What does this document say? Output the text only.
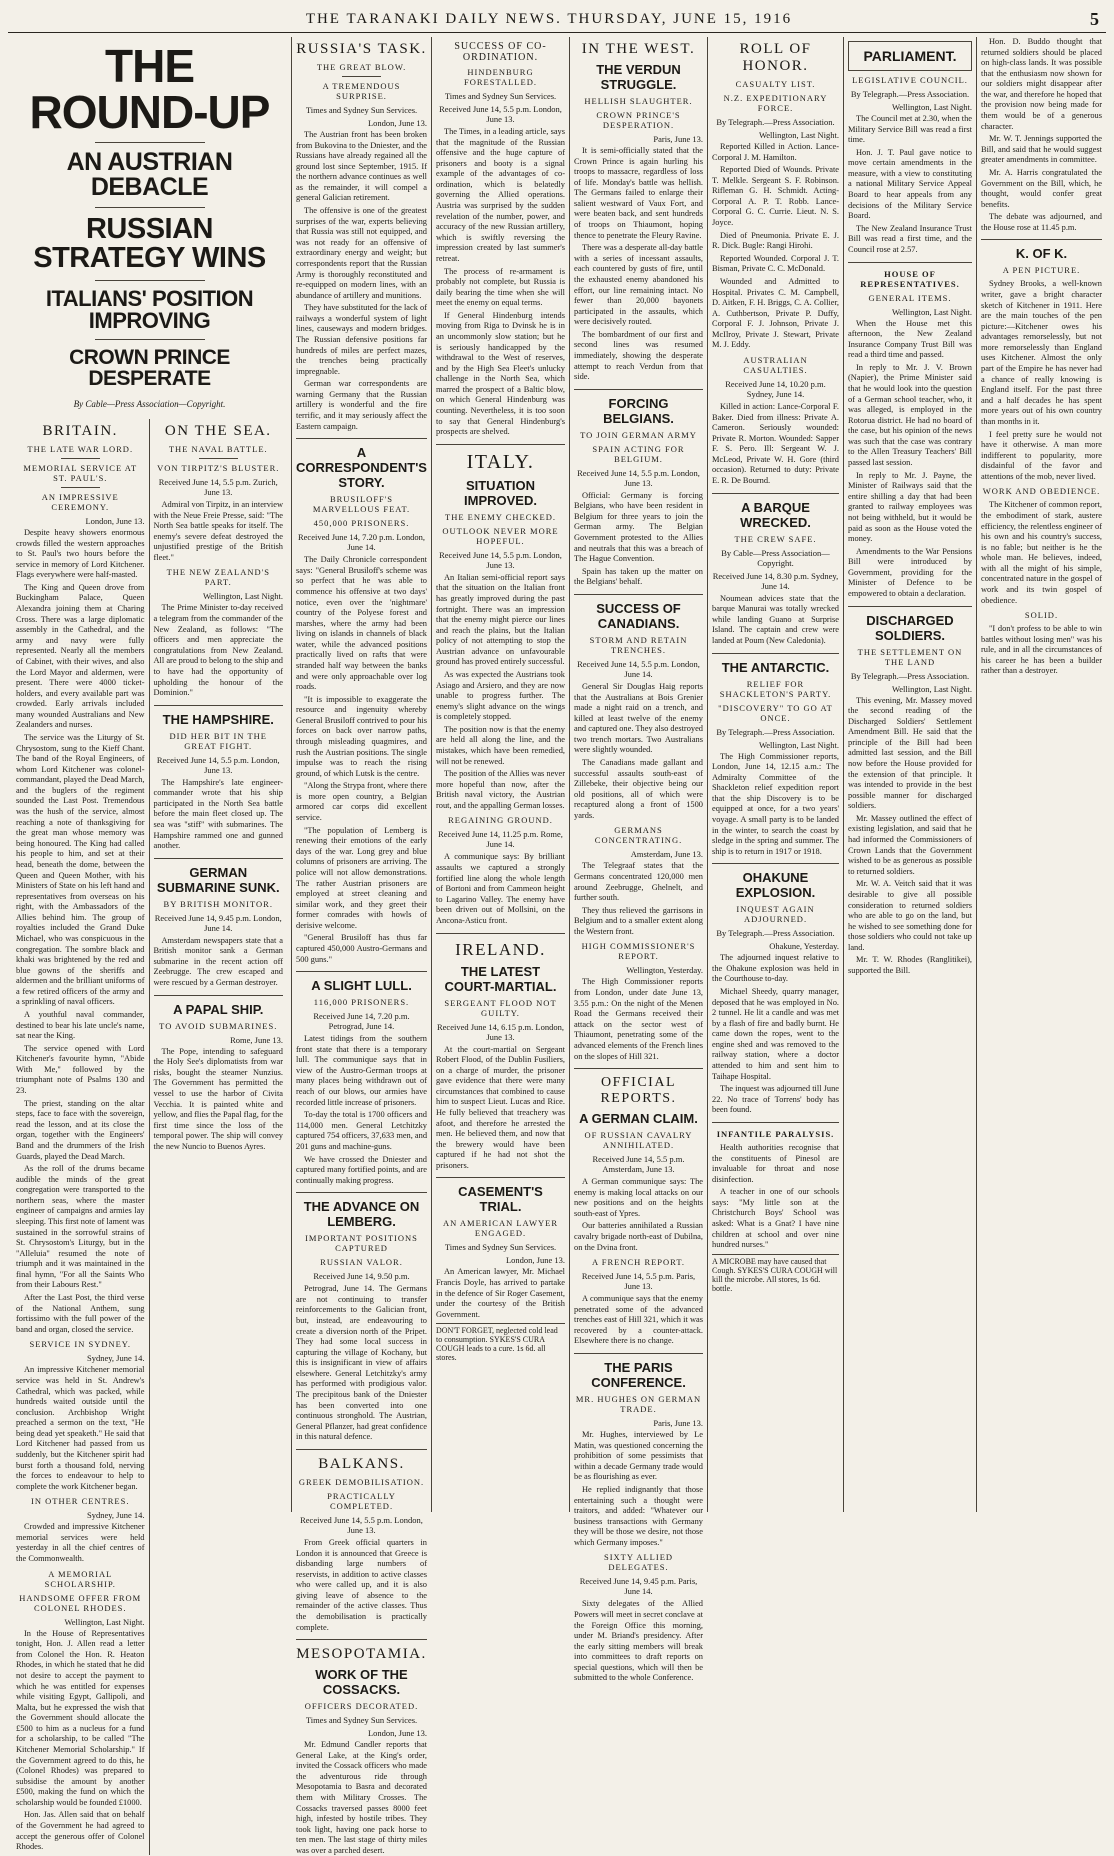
THE TARANAKI DAILY NEWS. THURSDAY, JUNE 15, 1916	5
THE ROUND-UP
AN AUSTRIAN DEBACLE
RUSSIAN STRATEGY WINS
ITALIANS' POSITION IMPROVING
CROWN PRINCE DESPERATE
By Cable—Press Association—Copyright.
BRITAIN.
THE LATE WAR LORD.
MEMORIAL SERVICE AT ST. PAUL'S.
AN IMPRESSIVE CEREMONY.
London, June 13.

Despite heavy showers enormous crowds filled the western approaches to St. Paul's two hours before the service in memory of Lord Kitchener. Flags everywhere were half-masted.

The King and Queen drove from Buckingham Palace, Queen Alexandra joining them at Charing Cross. There was a large diplomatic assembly in the Cathedral, and the army and navy were fully represented. Nearly all the members of Cabinet, with their wives, and also the Lord Mayor and aldermen, were present. There were 4000 ticket-holders, and every available part was crowded. Early arrivals included many wounded Australians and New Zealanders and nurses.

The service was the Liturgy of St. Chrysostom, sung to the Kieff Chant. The band of the Royal Engineers, of whom Lord Kitchener was colonel-commandant, played the Dead March, and the buglers of the regiment sounded the Last Post. Tremendous was the hush of the service, almost reaching a note of thanksgiving for the great man whose memory was being honoured. The King had called his people to him, and set at their head, beneath the dome, between the Queen and Queen Mother, with his Ministers of State on his left hand and representatives from overseas on his right, with the Ambassadors of the Allies behind him. The group of royalties included the Grand Duke Michael, who was conspicuous in the congregation. The sombre black and khaki was brightened by the red and blue gowns of the sheriffs and aldermen and the brilliant uniforms of a few retired officers of the army and a sprinkling of naval officers.

A youthful naval commander, destined to bear his late uncle's name, sat near the King.

The service opened with Lord Kitchener's favourite hymn, "Abide With Me," followed by the triumphant note of Psalms 130 and 23.

The priest, standing on the altar steps, face to face with the sovereign, read the lesson, and at its close the organ, together with the Engineers' Band and the drummers of the Irish Guards, played the Dead March.

As the roll of the drums became audible the minds of the great congregation were transported to the northern seas, where the master engineer of campaigns and armies lay sleeping. This first note of lament was sustained in the sorrowful strains of St. Chrysostom's Liturgy, but in the "Alleluia" resumed the note of triumph and it was maintained in the final hymn, "For all the Saints Who from their Labours Rest."

After the Last Post, the third verse of the National Anthem, sung fortissimo with the full power of the band and organ, closed the service.

SERVICE IN SYDNEY.
Sydney, June 14.

An impressive Kitchener memorial service was held in St. Andrew's Cathedral, which was packed, while hundreds waited outside until the conclusion. Archbishop Wright preached a sermon on the text, "He being dead yet speaketh." He said that Lord Kitchener had passed from us suddenly, but the Kitchener spirit had burst forth a thousand fold, nerving the forces to endeavour to help to complete the work Kitchener began.

IN OTHER CENTRES.
Sydney, June 14.

Crowded and impressive Kitchener memorial services were held yesterday in all the chief centres of the Commonwealth.

A MEMORIAL SCHOLARSHIP.
HANDSOME OFFER FROM COLONEL RHODES.
Wellington, Last Night.

In the House of Representatives tonight, Hon. J. Allen read a letter from Colonel the Hon. R. Heaton Rhodes, in which he stated that he did not desire to accept the payment to which he was entitled for expenses while visiting Egypt, Gallipoli, and Malta, but he expressed the wish that the Government should allocate the £500 to him as a nucleus for a fund for a scholarship, to be called "The Kitchener Memorial Scholarship." If the Government agreed to do this, he (Colonel Rhodes) was prepared to subsidise the amount by another £500, making the fund on which the scholarship would be founded £1000.

Hon. Jas. Allen said that on behalf of the Government he had agreed to accept the generous offer of Colonel Rhodes.

ON THE SEA.
THE NAVAL BATTLE.
VON TIRPITZ'S BLUSTER.
Received June 14, 5.5 p.m. Zurich, June 13.

Admiral von Tirpitz, in an interview with the Neue Freie Presse, said: "The North Sea battle speaks for itself. The enemy's severe defeat destroyed the unjustified prestige of the British fleet."

THE NEW ZEALAND'S PART.
Wellington, Last Night.

The Prime Minister to-day received a telegram from the commander of the New Zealand, as follows: "The officers and men appreciate the congratulations from New Zealand. All are proud to belong to the ship and to have had the opportunity of upholding the honour of the Dominion."

THE HAMPSHIRE.
DID HER BIT IN THE GREAT FIGHT.
Received June 14, 5.5 p.m. London, June 13.

The Hampshire's late engineer-commander wrote that his ship participated in the North Sea battle before the main fleet closed up. The sea was "stiff" with submarines. The Hampshire rammed one and gunned another.

GERMAN SUBMARINE SUNK.
BY BRITISH MONITOR.
Received June 14, 9.45 p.m. London, June 14.

Amsterdam newspapers state that a British monitor sank a German submarine in the recent action off Zeebrugge. The crew escaped and were rescued by a German destroyer.

A PAPAL SHIP.
TO AVOID SUBMARINES.
Rome, June 13.

The Pope, intending to safeguard the Holy See's diplomatists from war risks, bought the steamer Nunzius. The Government has permitted the vessel to use the harbor of Civita Vecchia. It is painted white and yellow, and flies the Papal flag, for the first time since the loss of the temporal power. The ship will convey the new Nuncio to Buenos Ayres.

RUSSIA'S TASK.
THE GREAT BLOW.
A TREMENDOUS SURPRISE.
Times and Sydney Sun Services.
London, June 13.

The Austrian front has been broken from Bukovina to the Dniester, and the Russians have already regained all the ground lost since September, 1915. If the northern advance continues as well as the remainder, it will compel a general Galician retirement.

The offensive is one of the greatest surprises of the war, experts believing that Russia was still not equipped, and was not ready for an offensive of extraordinary energy and weight; but correspondents report that the Russian Army is thoroughly reconstituted and re-equipped on modern lines, with an abundance of artillery and munitions.

They have substituted for the lack of railways a wonderful system of light lines, causeways and modern bridges. The Russian defensive positions far hundreds of miles are perfect mazes, the trenches being practically impregnable.

German war correspondents are warning Germany that the Russian artillery is wonderful and the fire terrific, and it may seriously affect the Eastern campaign.

A CORRESPONDENT'S STORY.
BRUSILOFF'S MARVELLOUS FEAT.
450,000 PRISONERS.
Received June 14, 7.20 p.m. London, June 14.

The Daily Chronicle correspondent says: "General Brusiloff's scheme was so perfect that he was able to commence his offensive at two days' notice, even over the 'nightmare' country of the Polyese forest and marshes, where the army had been living on islands in channels of black water, while the advanced positions practically lived on rafts that were stranded half way between the banks and were only approachable over log roads.

"It is impossible to exaggerate the resource and ingenuity whereby General Brusiloff contrived to pour his forces on back over narrow paths, through misleading quagmires, and rush the Austrian positions. The single impulse was to reach the rising ground, of which Lutsk is the centre.

"Along the Strypa front, where there is more open country, a Belgian armored car corps did excellent service.

"The population of Lemberg is renewing their emotions of the early days of the war. Long grey and blue columns of prisoners are arriving. The police will not allow demonstrations. The rather Austrian prisoners are employed at street cleaning and similar work, and they greet their former comrades with howls of derisive welcome.

"General Brusiloff has thus far captured 450,000 Austro-Germans and 500 guns."

A SLIGHT LULL.
116,000 PRISONERS.
Received June 14, 7.20 p.m. Petrograd, June 14.

Latest tidings from the southern front state that there is a temporary lull. The communique says that in view of the Austro-German troops at many places being withdrawn out of reach of our blows, our armies have recorded little increase of prisoners.

To-day the total is 1700 officers and 114,000 men. General Letchitzky captured 754 officers, 37,633 men, and 201 guns and machine-guns.

We have crossed the Dniester and captured many fortified points, and are continually making progress.

THE ADVANCE ON LEMBERG.
IMPORTANT POSITIONS CAPTURED
RUSSIAN VALOR.
Received June 14, 9.50 p.m.

Petrograd, June 14. The Germans are not continuing to transfer reinforcements to the Galician front, but, instead, are endeavouring to create a diversion north of the Pripet. They had some local success in capturing the village of Kochany, but this is insignificant in view of affairs elsewhere. General Letchitzky's army has performed with prodigious valor. The precipitous bank of the Dniester has been converted into one continuous stronghold. The Austrian, General Pflanzer, had great confidence in this natural defence.

BALKANS.
GREEK DEMOBILISATION.
PRACTICALLY COMPLETED.
Received June 14, 5.5 p.m. London, June 13.

From Greek official quarters in London it is announced that Greece is disbanding large numbers of reservists, in addition to active classes who were called up, and it is also giving leave of absence to the remainder of the active classes. Thus the demobilisation is practically complete.

MESOPOTAMIA.
WORK OF THE COSSACKS.
OFFICERS DECORATED.
Times and Sydney Sun Services.
London, June 13.

Mr. Edmund Candler reports that General Lake, at the King's order, invited the Cossack officers who made the adventurous ride through Mesopotamia to Basra and decorated them with Military Crosses. The Cossacks traversed passes 8000 feet high, infested by hostile tribes. They took light, having one pack horse to ten men. The last stage of thirty miles was over a parched desert.

SUCCESS OF CO-ORDINATION.
HINDENBURG FORESTALLED.
Times and Sydney Sun Services.
Received June 14, 5.5 p.m. London, June 13.

The Times, in a leading article, says that the magnitude of the Russian offensive and the huge capture of prisoners and booty is a signal example of the advantages of co-ordination, which is belatedly governing the Allied operations. Austria was surprised by the sudden revelation of the number, power, and accuracy of the new Russian artillery, which is swiftly reversing the impression created by last summer's retreat.

The process of re-armament is probably not complete, but Russia is daily bearing the time when she will meet the enemy on equal terms.

If General Hindenburg intends moving from Riga to Dvinsk he is in an uncommonly slow station; but he is seriously handicapped by the withdrawal to the West of reserves, and by the High Sea Fleet's unlucky challenge in the North Sea, which marred the prospect of a Baltic blow, on which General Hindenburg was counting. Nevertheless, it is too soon to say that General Hindenburg's prospects are shelved.

ITALY.
SITUATION IMPROVED.
THE ENEMY CHECKED.
OUTLOOK NEVER MORE HOPEFUL.
Received June 14, 5.5 p.m. London, June 13.

An Italian semi-official report says that the situation on the Italian front has greatly improved during the past fortnight. There was an impression that the enemy might pierce our lines and reach the plains, but the Italian policy of not attempting to stop the Austrian advance on unfavourable ground has proved entirely successful.

As was expected the Austrians took Asiago and Arsiero, and they are now unable to progress further. The enemy's slight advance on the wings is completely stopped.

The position now is that the enemy are held all along the line, and the mistakes, which have been remedied, will not be renewed.

The position of the Allies was never more hopeful than now, after the British naval victory, the Austrian rout, and the appalling German losses.

REGAINING GROUND.
Received June 14, 11.25 p.m. Rome, June 14.

A communique says: By brilliant assaults we captured a strongly fortified line along the whole length of Bortoni and from Cammeon height to Lagarino Valley. The enemy have been driven out of Mollsini, on the Ancona-Asticu front.

IRELAND.
THE LATEST COURT-MARTIAL.
SERGEANT FLOOD NOT GUILTY.
Received June 14, 6.15 p.m. London, June 13.

At the court-martial on Sergeant Robert Flood, of the Dublin Fusiliers, on a charge of murder, the prisoner gave evidence that there were many circumstances that combined to cause him to suspect Lieut. Lucas and Rice. He fully believed that treachery was afoot, and therefore he arrested the men. He believed them, and now that the brewery would have been captured if he had not shot the prisoners.

CASEMENT'S TRIAL.
AN AMERICAN LAWYER ENGAGED.
Times and Sydney Sun Services.
London, June 13.

An American lawyer, Mr. Michael Francis Doyle, has arrived to partake in the defence of Sir Roger Casement, under the courtesy of the British Government.

DON'T FORGET, neglected cold lead to consumption. SYKES'S CURA COUGH leads to a cure. 1s 6d. all stores.

IN THE WEST.
THE VERDUN STRUGGLE.
HELLISH SLAUGHTER.
CROWN PRINCE'S DESPERATION.
Paris, June 13.

It is semi-officially stated that the Crown Prince is again hurling his troops to massacre, regardless of loss of life. Monday's battle was hellish. The Germans failed to enlarge their salient westward of Vaux Fort, and were beaten back, and sent hundreds of troops on Thiaumont, hoping thence to penetrate the Fleury Ravine.

There was a desperate all-day battle with a series of incessant assaults, each countered by gusts of fire, until the exhausted enemy abandoned his effort, our line remaining intact. No fewer than 20,000 bayonets participated in the assaults, which were decisively routed.

The bombardment of our first and second lines was resumed immediately, showing the desperate attempt to reach Verdun from that side.

FORCING BELGIANS.
TO JOIN GERMAN ARMY
SPAIN ACTING FOR BELGIUM.
Received June 14, 5.5 p.m. London, June 13.

Official: Germany is forcing Belgians, who have been resident in Belgium for three years to join the German army. The Belgian Government protested to the Allies and neutrals that this was a breach of The Hague Convention.

Spain has taken up the matter on the Belgians' behalf.

SUCCESS OF CANADIANS.
STORM AND RETAIN TRENCHES.
Received June 14, 5.5 p.m. London, June 14.

General Sir Douglas Haig reports that the Australians at Bois Grenier made a night raid on a trench, and killed at least twelve of the enemy and captured one. They also destroyed two trench mortars. Two Australians were slightly wounded.

The Canadians made gallant and successful assaults south-east of Zillebeke, their objective being our old positions, all of which were recaptured along a front of 1500 yards.

GERMANS CONCENTRATING.
Amsterdam, June 13.

The Telegraaf states that the Germans concentrated 120,000 men around Zeebrugge, Ghelnelt, and further south.

They thus relieved the garrisons in Belgium and to a smaller extent along the Western front.

HIGH COMMISSIONER'S REPORT.
Wellington, Yesterday.

The High Commissioner reports from London, under date June 13, 3.55 p.m.: On the night of the Menen Road the Germans received their attack on the sector west of Thiaumont, penetrating some of the advanced elements of the French lines on the slopes of Hill 321.

OFFICIAL REPORTS.
A GERMAN CLAIM.
OF RUSSIAN CAVALRY ANNIHILATED.
Received June 14, 5.5 p.m. Amsterdam, June 13.

A German communique says: The enemy is making local attacks on our new positions and on the heights south-east of Ypres.

Our batteries annihilated a Russian cavalry brigade north-east of Dubilna, on the Dvina front.

A FRENCH REPORT.
Received June 14, 5.5 p.m. Paris, June 13.

A communique says that the enemy penetrated some of the advanced trenches east of Hill 321, which it was recovered by a counter-attack. Elsewhere there is no change.

THE PARIS CONFERENCE.
MR. HUGHES ON GERMAN TRADE.
Paris, June 13.

Mr. Hughes, interviewed by Le Matin, was questioned concerning the prohibition of some pessimists that within a decade Germany trade would be as flourishing as ever.

He replied indignantly that those entertaining such a thought were traitors, and added: "Whatever our business transactions with Germany they will be those we desire, not those which Germany imposes."

SIXTY ALLIED DELEGATES.
Received June 14, 9.45 p.m. Paris, June 14.

Sixty delegates of the Allied Powers will meet in secret conclave at the Foreign Office this morning, under M. Briand's presidency. After the early sitting members will break into committees to draft reports on special questions, which will then be submitted to the whole Conference.

ROLL OF HONOR.
CASUALTY LIST.
N.Z. EXPEDITIONARY FORCE.
By Telegraph.—Press Association.
Wellington, Last Night.

Reported Killed in Action. Lance-Corporal J. M. Hamilton.

Reported Died of Wounds. Private T. Melkle. Sergeant S. F. Robinson. Rifleman G. H. Schmidt. Acting-Corporal A. P. T. Robb. Lance-Corporal G. C. Currie. Lieut. N. S. Joyce.

Died of Pneumonia. Private E. J. R. Dick. Bugle: Rangi Hirohi.

Reported Wounded. Corporal J. T. Bisman, Private C. C. McDonald.

Wounded and Admitted to Hospital. Privates C. M. Campbell, D. Aitken, F. H. Briggs, C. A. Collier, A. Cuthbertson, Private P. Duffy, Corporal F. J. Johnson, Private J. McIlroy, Private J. Stewart, Private M. J. Eddy.

AUSTRALIAN CASUALTIES.
Received June 14, 10.20 p.m. Sydney, June 14.

Killed in action: Lance-Corporal F. Baker. Died from illness: Private A. Cameron. Seriously wounded: Private R. Morton. Wounded: Sapper F. S. Pero. Ill: Sergeant W. J. McLeod, Private W. H. Gore (third occasion). Returned to duty: Private E. R. De Bournd.

A BARQUE WRECKED.
THE CREW SAFE.
By Cable—Press Association—Copyright.
Received June 14, 8.30 p.m. Sydney, June 14.

Noumean advices state that the barque Manurai was totally wrecked while landing Guano at Surprise Island. The captain and crew were landed at Poum (New Caledonia).

THE ANTARCTIC.
RELIEF FOR SHACKLETON'S PARTY.
"DISCOVERY" TO GO AT ONCE.
By Telegraph.—Press Association.
Wellington, Last Night.

The High Commissioner reports, London, June 14, 12.15 a.m.: The Admiralty Committee of the Shackleton relief expedition report that the ship Discovery is to be equipped at once, for a two years' voyage. A small party is to be landed in the winter, to search the coast by sledge in the spring and summer. The ship is to return in 1917 or 1918.

OHAKUNE EXPLOSION.
INQUEST AGAIN ADJOURNED.
By Telegraph.—Press Association.
Ohakune, Yesterday.

The adjourned inquest relative to the Ohakune explosion was held in the Courthouse to-day.

Michael Sheedy, quarry manager, deposed that he was employed in No. 2 tunnel. He lit a candle and was met by a flash of fire and badly burnt. He came down the ropes, went to the engine shed and was removed to the railway station, where a doctor attended to him and sent him to Taihape Hospital.

The inquest was adjourned till June 22. No trace of Torrens' body has been found.

INFANTILE PARALYSIS.

Health authorities recognise that the constituents of Pinesol are invaluable for throat and nose disinfection.

A teacher in one of our schools says: "My little son at the Christchurch Boys' School was asked: What is a Gnat? I have nine children at school and over nine hundred nurses."

A MICROBE may have caused that Cough. SYKES'S CURA COUGH will kill the microbe. All stores, 1s 6d. bottle.

PARLIAMENT.
LEGISLATIVE COUNCIL.
By Telegraph.—Press Association.
Wellington, Last Night.

The Council met at 2.30, when the Military Service Bill was read a first time.

Hon. J. T. Paul gave notice to move certain amendments in the measure, with a view to constituting a national Military Service Appeal Board to hear appeals from any decisions of the Military Service Board.

The New Zealand Insurance Trust Bill was read a first time, and the Council rose at 2.57.

HOUSE OF REPRESENTATIVES.
GENERAL ITEMS.
Wellington, Last Night.

When the House met this afternoon, the New Zealand Insurance Company Trust Bill was read a third time and passed.

In reply to Mr. J. V. Brown (Napier), the Prime Minister said that he would look into the question of a German school teacher, who, it was alleged, is employed in the Rotorua district. He had no board of the case, but his opinion of the news was such that the case was contrary to the Allen Treasury Teachers' Bill passed last session.

In reply to Mr. J. Payne, the Minister of Railways said that the entire shilling a day that had been granted to railway employees was not being withheld, but it would be paid as soon as the House voted the money.

Amendments to the War Pensions Bill were introduced by Government, providing for the Minister of Defence to be empowered to obtain a declaration.

DISCHARGED SOLDIERS.
THE SETTLEMENT ON THE LAND
By Telegraph.—Press Association.
Wellington, Last Night.

This evening, Mr. Massey moved the second reading of the Discharged Soldiers' Settlement Amendment Bill. He said that the principle of the Bill had been admitted last session, and the Bill now before the House provided for the extension of that principle. It was intended to provide in the best possible manner for discharged soldiers.

Mr. Massey outlined the effect of existing legislation, and said that he had informed the Commissioners of Crown Lands that the Government wished to be as generous as possible to returned soldiers.

Mr. W. A. Veitch said that it was desirable to give all possible consideration to returned soldiers who are able to go on the land, but he wished to see something done for those soldiers who could not take up land.

Mr. T. W. Rhodes (Ranglitikei), supported the Bill.

Hon. D. Buddo thought that returned soldiers should be placed on high-class lands. It was possible that the enthusiasm now shown for our soldiers might disappear after the war, and therefore he hoped that the provision now being made for them would be of a generous character.

Mr. W. T. Jennings supported the Bill, and said that he would suggest greater amendments in committee.

Mr. A. Harris congratulated the Government on the Bill, which, he thought, would confer great benefits.

The debate was adjourned, and the House rose at 11.45 p.m.

K. OF K.
A PEN PICTURE.

Sydney Brooks, a well-known writer, gave a bright character sketch of Kitchener in 1911. Here are the main touches of the pen picture:—Kitchener owes his advantages remorselessly, but not more remorselessly than England uses Kitchener. Almost the only part of the Empire he has never had a chance of really knowing is England itself. For the past three and a half decades he has spent more years out of his own country than months in it.

I feel pretty sure he would not have it otherwise. A man more indifferent to popularity, more disdainful of the favor and attentions of the mob, never lived.

WORK AND OBEDIENCE.

The Kitchener of common report, the embodiment of stark, austere efficiency, the relentless engineer of his own and his country's success, is no fable; but neither is he the whole man. He believes, indeed, with all the might of his simple, concentrated nature in the gospel of work and its twin gospel of obedience.

SOLID.

"I don't profess to be able to win battles without losing men" was his rule, and in all the circumstances of his career he has been a builder rather than a destroyer.
